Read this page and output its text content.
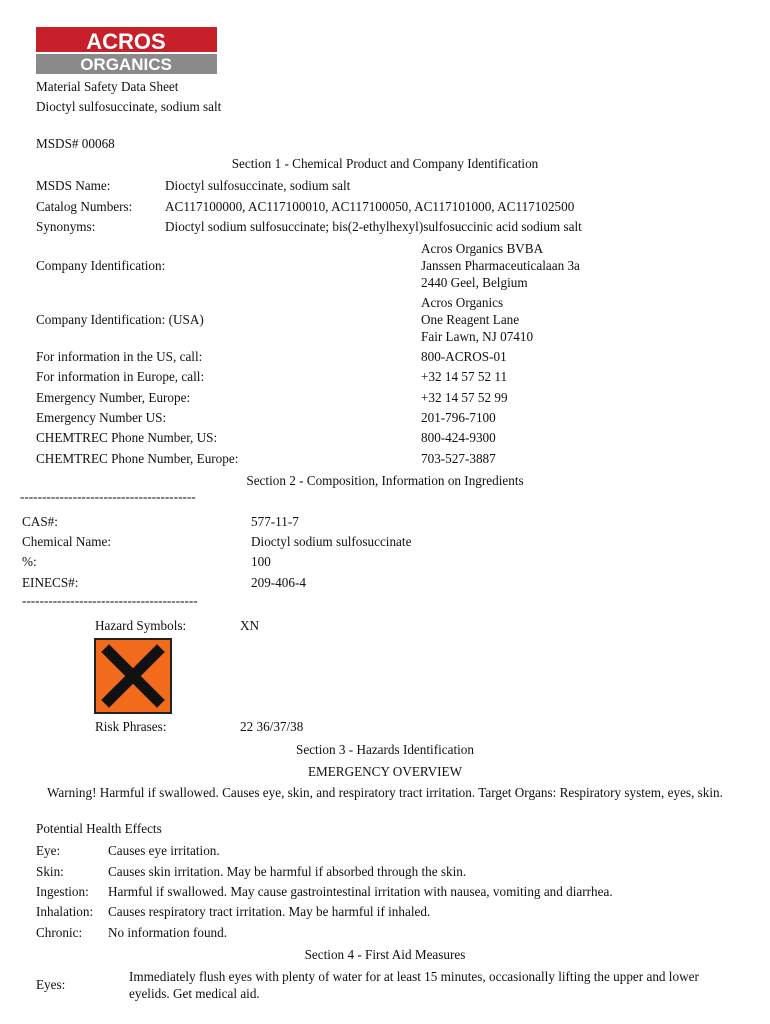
ACROS
ORGANICS
Material Safety Data Sheet
Dioctyl sulfosuccinate, sodium salt
MSDS# 00068
Section 1 - Chemical Product and Company Identification
MSDS Name:	Dioctyl sulfosuccinate, sodium salt
Catalog Numbers: AC117100000, AC117100010, AC117100050, AC117101000, AC117102500
Synonyms:	Dioctyl sodium sulfosuccinate; bis(2-ethylhexyl)sulfosuccinic acid sodium salt
Company Identification:
Acros Organics BVBA
Janssen Pharmaceuticalaan 3a
2440 Geel, Belgium
Company Identification: (USA)
Acros Organics
One Reagent Lane
Fair Lawn, NJ 07410
For information in the US, call:	800-ACROS-01
For information in Europe, call:	+32 14 57 52 11
Emergency Number, Europe:	+32 14 57 52 99
Emergency Number US:	201-796-7100
CHEMTREC Phone Number, US:	800-424-9300
CHEMTREC Phone Number, Europe:	703-527-3887
Section 2 - Composition, Information on Ingredients
----------------------------------------
CAS#:	577-11-7
Chemical Name:	Dioctyl sodium sulfosuccinate
%:	100
EINECS#:	209-406-4
----------------------------------------
Hazard Symbols:	XN
Risk Phrases:	22 36/37/38
Section 3 - Hazards Identification
EMERGENCY OVERVIEW
Warning! Harmful if swallowed. Causes eye, skin, and respiratory tract irritation. Target Organs: Respiratory system, eyes, skin.
Potential Health Effects
Eye:	Causes eye irritation.
Skin:	Causes skin irritation. May be harmful if absorbed through the skin.
Ingestion: Harmful if swallowed. May cause gastrointestinal irritation with nausea, vomiting and diarrhea.
Inhalation: Causes respiratory tract irritation. May be harmful if inhaled.
Chronic: No information found.
Section 4 - First Aid Measures
Eyes:
Immediately flush eyes with plenty of water for at least 15 minutes, occasionally lifting the upper and lower eyelids. Get medical aid.
